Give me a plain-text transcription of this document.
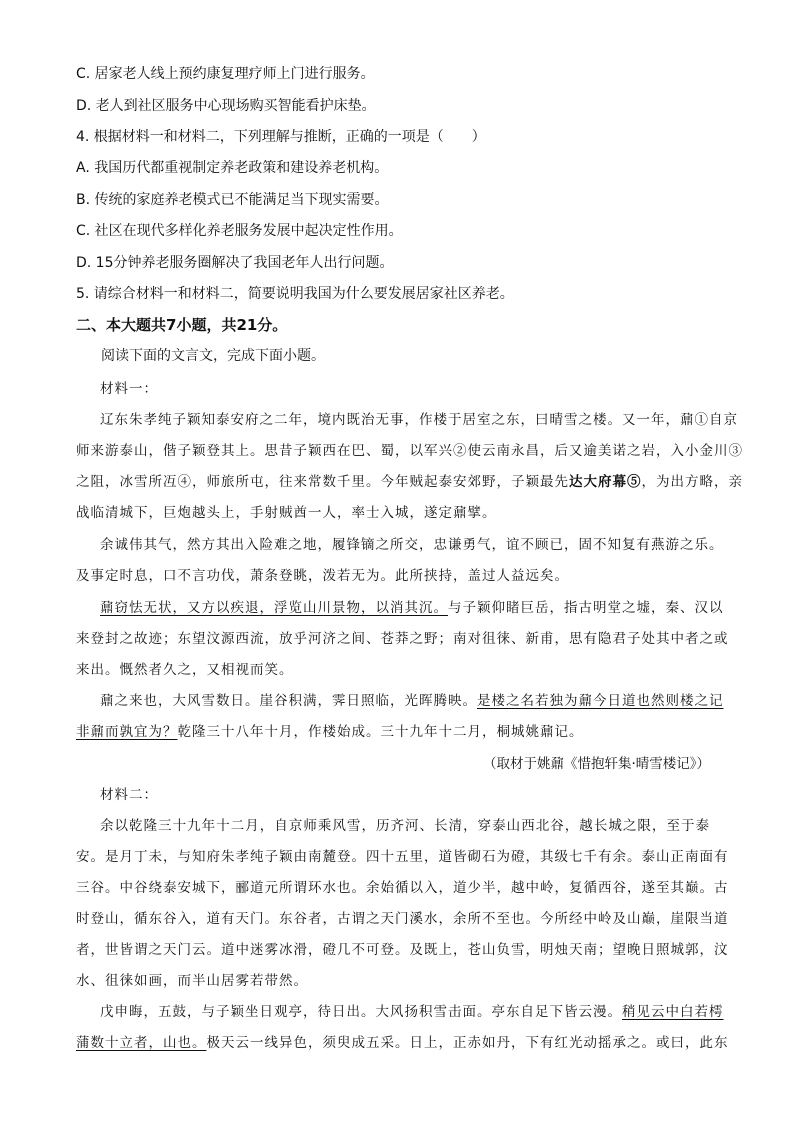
C. 居家老人线上预约康复理疗师上门进行服务。
D. 老人到社区服务中心现场购买智能看护床垫。
4. 根据材料一和材料二，下列理解与推断，正确的一项是（　　）
A. 我国历代都重视制定养老政策和建设养老机构。
B. 传统的家庭养老模式已不能满足当下现实需要。
C. 社区在现代多样化养老服务发展中起决定性作用。
D. 15分钟养老服务圈解决了我国老年人出行问题。
5. 请综合材料一和材料二，简要说明我国为什么要发展居家社区养老。
二、本大题共7小题，共21分。
阅读下面的文言文，完成下面小题。
材料一：
辽东朱孝纯子颖知泰安府之二年，境内既治无事，作楼于居室之东，曰晴雪之楼。又一年，鼐①自京
师来游泰山，偕子颖登其上。思昔子颖西在巴、蜀，以军兴②使云南永昌，后又逾美诺之岩，入小金川③
之阻，冰雪所冱④，师旅所屯，往来常数千里。今年贼起泰安郊野，子颖最先达大府幕⑤，为出方略，亲
战临清城下，巨炮越头上，手射贼酋一人，率士入城，遂定鼐擘。
余诚伟其气，然方其出入险难之地，履锋镝之所交，忠谦勇气，谊不顾已，固不知复有燕游之乐。
及事定时息，口不言功伐，萧条登眺，泼若无为。此所挟持，盖过人益远矣。
鼐窃怯无状，又方以疾退，浮览山川景物，以消其沉。与子颖仰睹巨岳，指古明堂之墟，秦、汉以
来登封之故迹；东望汶源西流，放乎河济之间、苍莽之野；南对徂徕、新甫，思有隐君子处其中者之或
来出。慨然者久之，又相视而笑。
鼐之来也，大风雪数日。崖谷积满，霁日照临，光晖腾映。是楼之名若独为鼐今日道也然则楼之记
非鼐而孰宜为？乾隆三十八年十月，作楼始成。三十九年十二月，桐城姚鼐记。
（取材于姚鼐《惜抱轩集·晴雪楼记》）
材料二：
余以乾隆三十九年十二月，自京师乘风雪，历齐河、长清，穿泰山西北谷，越长城之限，至于泰
安。是月丁未，与知府朱孝纯子颖由南麓登。四十五里，道皆砌石为磴，其级七千有余。泰山正南面有
三谷。中谷绕泰安城下，郦道元所谓环水也。余始循以入，道少半，越中岭，复循西谷，遂至其巅。古
时登山，循东谷入，道有天门。东谷者，古谓之天门溪水，余所不至也。今所经中岭及山巅，崖限当道
者，世皆谓之天门云。道中迷雾冰滑，磴几不可登。及既上，苍山负雪，明烛天南；望晚日照城郭，汶
水、徂徕如画，而半山居雾若带然。
戊申晦，五鼓，与子颖坐日观亭，待日出。大风扬积雪击面。亭东自足下皆云漫。稍见云中白若樗
蒲数十立者，山也。极天云一线异色，须臾成五采。日上，正赤如丹，下有红光动摇承之。或曰，此东
